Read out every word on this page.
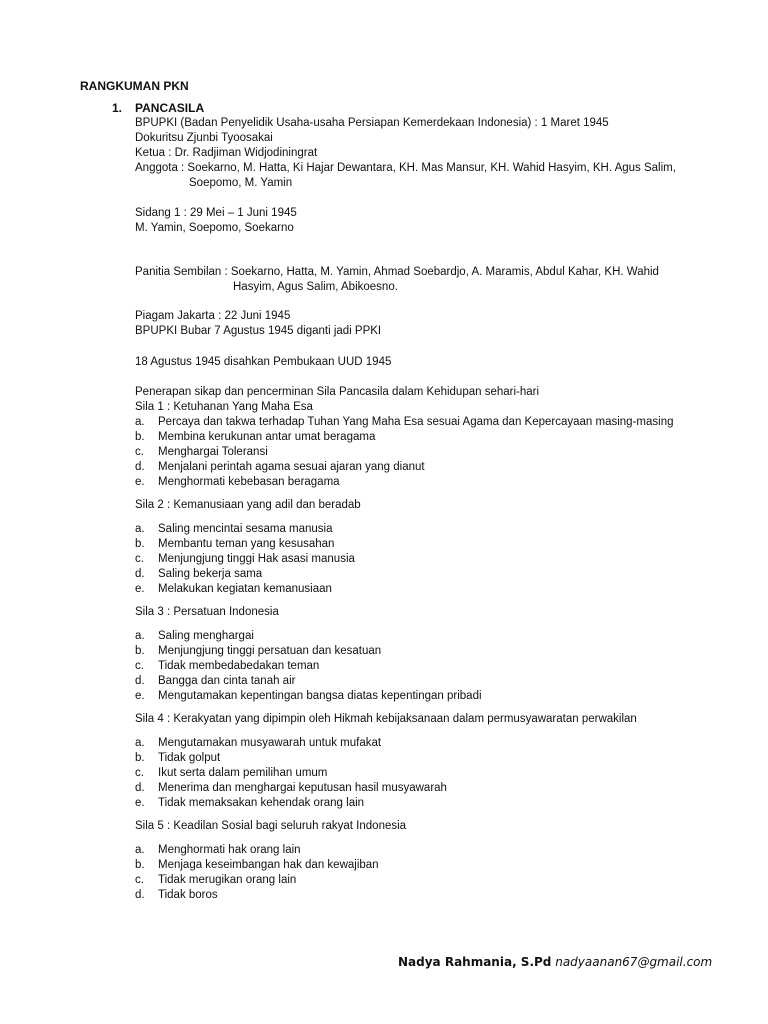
RANGKUMAN PKN
1. PANCASILA
BPUPKI (Badan Penyelidik Usaha-usaha Persiapan Kemerdekaan Indonesia) : 1 Maret 1945
Dokuritsu Zjunbi Tyoosakai
Ketua : Dr. Radjiman Widjodiningrat
Anggota : Soekarno, M. Hatta, Ki Hajar Dewantara, KH. Mas Mansur, KH. Wahid Hasyim, KH. Agus Salim,
Soepomo, M. Yamin
Sidang 1 : 29 Mei – 1 Juni 1945
M. Yamin, Soepomo, Soekarno
Panitia Sembilan : Soekarno, Hatta, M. Yamin, Ahmad Soebardjo, A. Maramis, Abdul Kahar, KH. Wahid
Hasyim, Agus Salim, Abikoesno.
Piagam Jakarta : 22 Juni 1945
BPUPKI Bubar 7 Agustus 1945 diganti jadi PPKI
18 Agustus 1945 disahkan Pembukaan UUD 1945
Penerapan sikap dan pencerminan Sila Pancasila dalam Kehidupan sehari-hari
Sila 1 : Ketuhanan Yang Maha Esa
a. Percaya dan takwa terhadap Tuhan Yang Maha Esa sesuai Agama dan Kepercayaan masing-masing
b. Membina kerukunan antar umat beragama
c. Menghargai Toleransi
d. Menjalani perintah agama sesuai ajaran yang dianut
e. Menghormati kebebasan beragama
Sila 2 : Kemanusiaan yang adil dan beradab
a. Saling mencintai sesama manusia
b. Membantu teman yang kesusahan
c. Menjungjung tinggi Hak asasi manusia
d. Saling bekerja sama
e. Melakukan kegiatan kemanusiaan
Sila 3 : Persatuan Indonesia
a. Saling menghargai
b. Menjungjung tinggi persatuan dan kesatuan
c. Tidak membedabedakan teman
d. Bangga dan cinta tanah air
e. Mengutamakan kepentingan bangsa diatas kepentingan pribadi
Sila 4 : Kerakyatan yang dipimpin oleh Hikmah kebijaksanaan dalam permusyawaratan perwakilan
a. Mengutamakan musyawarah untuk mufakat
b. Tidak golput
c. Ikut serta dalam pemilihan umum
d. Menerima dan menghargai keputusan hasil musyawarah
e. Tidak memaksakan kehendak orang lain
Sila 5 : Keadilan Sosial bagi seluruh rakyat Indonesia
a. Menghormati hak orang lain
b. Menjaga keseimbangan hak dan kewajiban
c. Tidak merugikan orang lain
d. Tidak boros
Nadya Rahmania, S.Pd nadyaanan67@gmail.com
